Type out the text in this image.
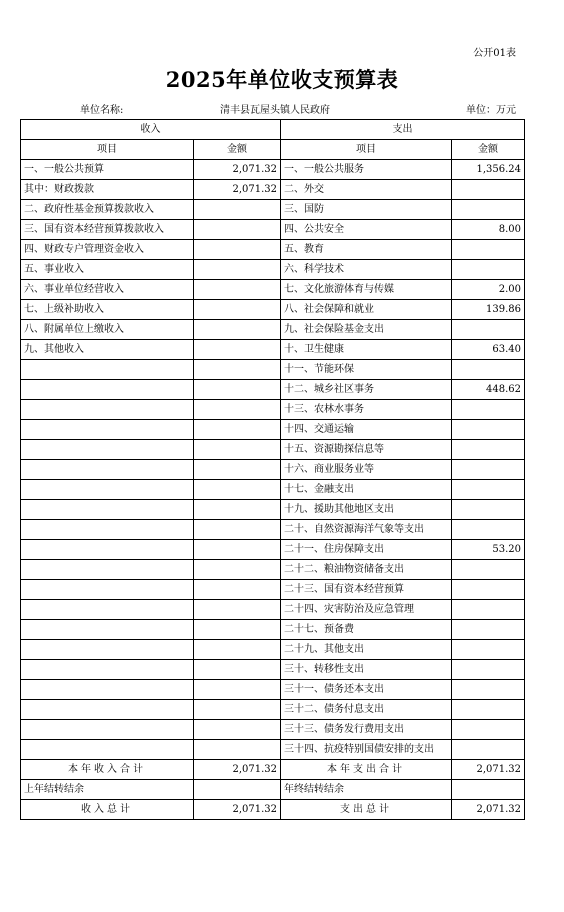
公开01表
2025年单位收支预算表
单位名称:	清丰县瓦屋头镇人民政府	单位：万元
收入		支出	
项目	金额	项目	金额
一、一般公共预算	2,071.32	一、一般公共服务	1,356.24
其中：财政拨款	2,071.32	二、外交	
二、政府性基金预算拨款收入		三、国防	
三、国有资本经营预算拨款收入		四、公共安全	8.00
四、财政专户管理资金收入		五、教育	
五、事业收入		六、科学技术	
六、事业单位经营收入		七、文化旅游体育与传媒	2.00
七、上级补助收入		八、社会保障和就业	139.86
八、附属单位上缴收入		九、社会保险基金支出	
九、其他收入		十、卫生健康	63.40
		十一、节能环保	
		十二、城乡社区事务	448.62
		十三、农林水事务	
		十四、交通运输	
		十五、资源勘探信息等	
		十六、商业服务业等	
		十七、金融支出	
		十九、援助其他地区支出	
		二十、自然资源海洋气象等支出	
		二十一、住房保障支出	53.20
		二十二、粮油物资储备支出	
		二十三、国有资本经营预算	
		二十四、灾害防治及应急管理	
		二十七、预备费	
		二十九、其他支出	
		三十、转移性支出	
		三十一、债务还本支出	
		三十二、债务付息支出	
		三十三、债务发行费用支出	
		三十四、抗疫特别国债安排的支出	
本年收入合计	2,071.32	本年支出合计	2,071.32
上年结转结余		年终结转结余	
收入总计	2,071.32	支出总计	2,071.32
